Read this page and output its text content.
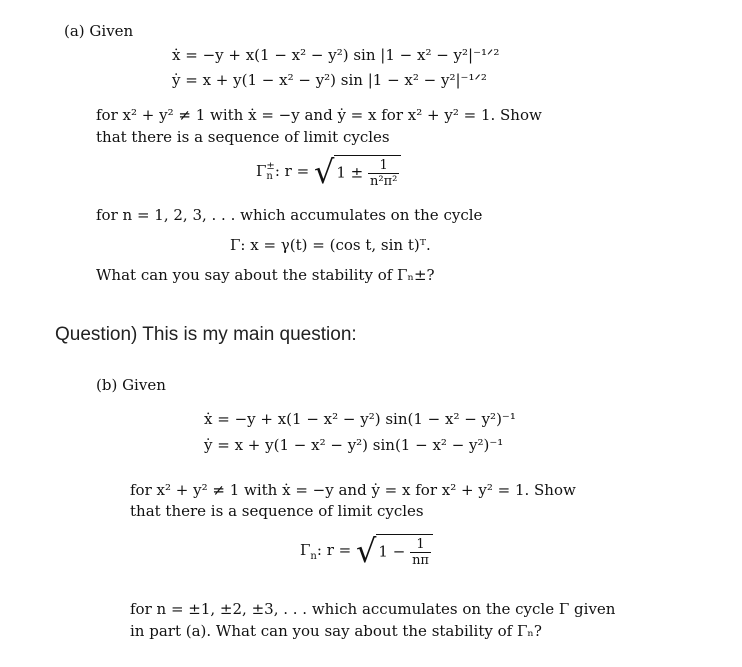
(a) Given
ẋ = −y + x(1 − x² − y²) sin |1 − x² − y²|⁻¹ᐟ²
ẏ = x + y(1 − x² − y²) sin |1 − x² − y²|⁻¹ᐟ²
for x² + y² ≠ 1 with ẋ = −y and ẏ = x for x² + y² = 1. Show
that there is a sequence of limit cycles
Γ ±
n : r = √ $1 \pm \frac{1}{\text{n²π²}}$
for n = 1, 2, 3, . . . which accumulates on the cycle
Γ: x = γ(t) = (cos t, sin t)ᵀ.
What can you say about the stability of Γₙ±?
Question) This is my main question:
(b) Given
ẋ = −y + x(1 − x² − y²) sin(1 − x² − y²)⁻¹
ẏ = x + y(1 − x² − y²) sin(1 − x² − y²)⁻¹
for x² + y² ≠ 1 with ẋ = −y and ẏ = x for x² + y² = 1. Show
that there is a sequence of limit cycles
$\Gamma_n$: r = √ $1 - \frac{1}{n\pi}$
for n = ±1, ±2, ±3, . . . which accumulates on the cycle Γ given
in part (a). What can you say about the stability of Γₙ?
